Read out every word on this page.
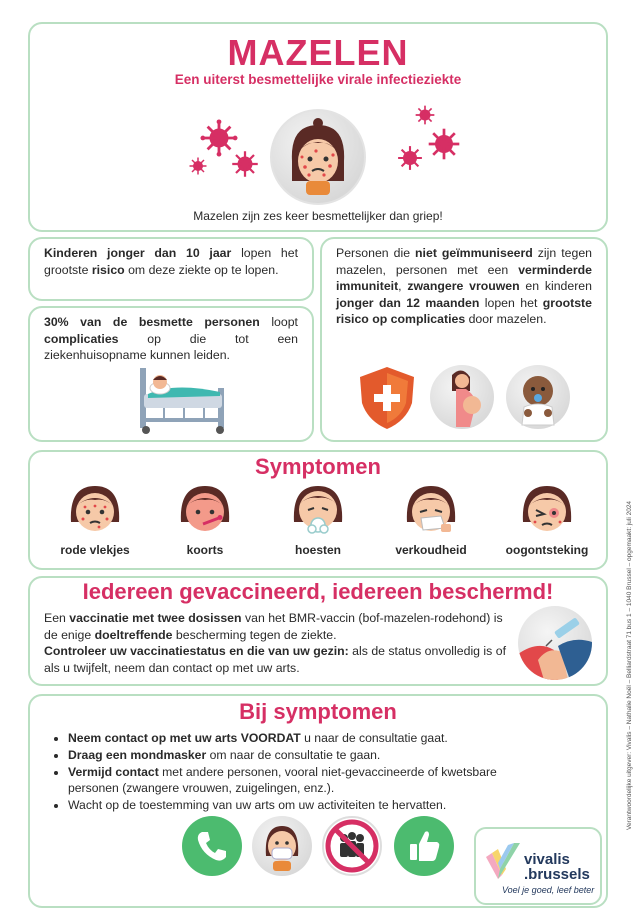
MAZELEN
Een uiterst besmettelijke virale infectieziekte
Mazelen zijn zes keer besmettelijker dan griep!
Kinderen jonger dan 10 jaar lopen het grootste risico om deze ziekte op te lopen.
30% van de besmette personen loopt complicaties op die tot een ziekenhuisopname kunnen leiden.
Personen die niet geïmmuniseerd zijn tegen mazelen, personen met een verminderde immuniteit, zwangere vrouwen en kinderen jonger dan 12 maanden lopen het grootste risico op complicaties door mazelen.
Symptomen
rode vlekjes	koorts	hoesten	verkoudheid	oogontsteking
Iedereen gevaccineerd, iedereen beschermd!
Een vaccinatie met twee dosissen van het BMR-vaccin (bof-mazelen-rodehond) is de enige doeltreffende bescherming tegen de ziekte.
Controleer uw vaccinatiestatus en die van uw gezin: als de status onvolledig is of als u twijfelt, neem dan contact op met uw arts.
Bij symptomen
• Neem contact op met uw arts VOORDAT u naar de consultatie gaat.
• Draag een mondmasker om naar de consultatie te gaan.
• Vermijd contact met andere personen, vooral niet-gevaccineerde of kwetsbare personen (zwangere vrouwen, zuigelingen, enz.).
• Wacht op de toestemming van uw arts om uw activiteiten te hervatten.
vivalis
.brussels
Voel je goed, leef beter
Verantwoordelijke uitgever: Vivalis – Nathalie Noël – Belliardstraat 71 bus 1 – 1040 Brussel – opgemaakt: juli 2024
